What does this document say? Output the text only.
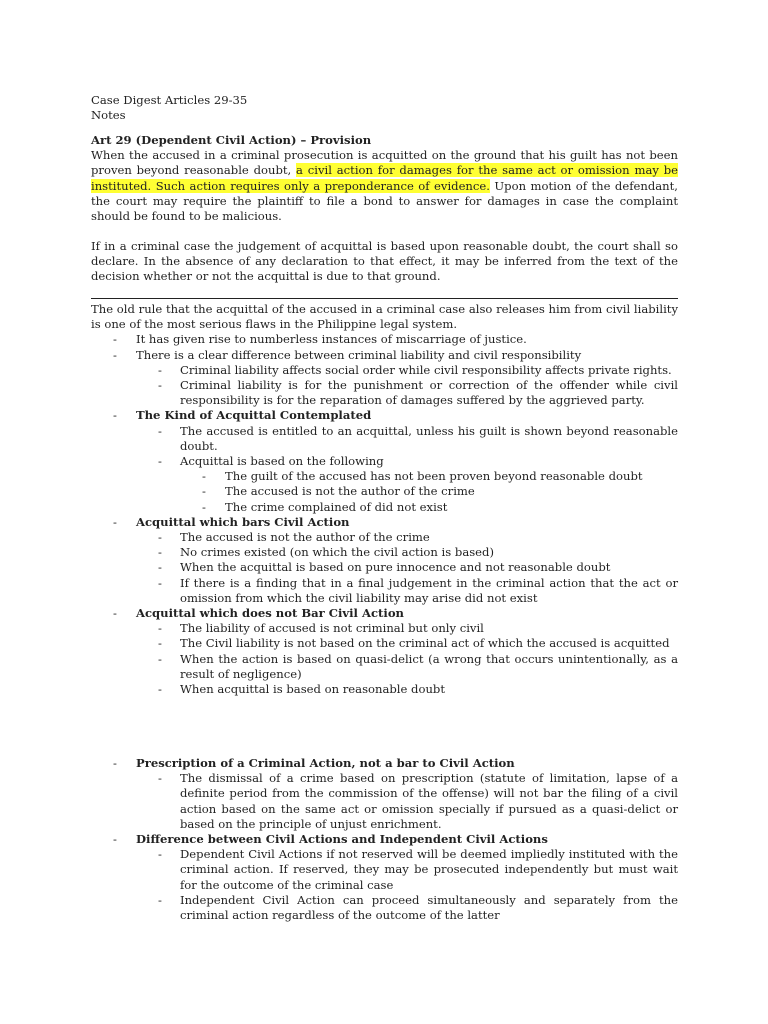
Case Digest Articles 29-35

Notes

Art 29 (Dependent Civil Action) – Provision

When the accused in a criminal prosecution is acquitted on the ground that his guilt has not been proven beyond reasonable doubt, a civil action for damages for the same act or omission may be instituted. Such action requires only a preponderance of evidence. Upon motion of the defendant, the court may require the plaintiff to file a bond to answer for damages in case the complaint should be found to be malicious.

If in a criminal case the judgement of acquittal is based upon reasonable doubt, the court shall so declare. In the absence of any declaration to that effect, it may be inferred from the text of the decision whether or not the acquittal is due to that ground.

The old rule that the acquittal of the accused in a criminal case also releases him from civil liability is one of the most serious flaws in the Philippine legal system.

- It has given rise to numberless instances of miscarriage of justice.
- There is a clear difference between criminal liability and civil responsibility
- Criminal liability affects social order while civil responsibility affects private rights.
- Criminal liability is for the punishment or correction of the offender while civil responsibility is for the reparation of damages suffered by the aggrieved party.
- The Kind of Acquittal Contemplated
- The accused is entitled to an acquittal, unless his guilt is shown beyond reasonable doubt.
- Acquittal is based on the following
- The guilt of the accused has not been proven beyond reasonable doubt
- The accused is not the author of the crime
- The crime complained of did not exist
- Acquittal which bars Civil Action
- The accused is not the author of the crime
- No crimes existed (on which the civil action is based)
- When the acquittal is based on pure innocence and not reasonable doubt
- If there is a finding that in a final judgement in the criminal action that the act or omission from which the civil liability may arise did not exist
- Acquittal which does not Bar Civil Action
- The liability of accused is not criminal but only civil
- The Civil liability is not based on the criminal act of which the accused is acquitted
- When the action is based on quasi-delict (a wrong that occurs unintentionally, as a result of negligence)
- When acquittal is based on reasonable doubt
- Prescription of a Criminal Action, not a bar to Civil Action
- The dismissal of a crime based on prescription (statute of limitation, lapse of a definite period from the commission of the offense) will not bar the filing of a civil action based on the same act or omission specially if pursued as a quasi-delict or based on the principle of unjust enrichment.
- Difference between Civil Actions and Independent Civil Actions
- Dependent Civil Actions if not reserved will be deemed impliedly instituted with the criminal action. If reserved, they may be prosecuted independently but must wait for the outcome of the criminal case
- Independent Civil Action can proceed simultaneously and separately from the criminal action regardless of the outcome of the latter
